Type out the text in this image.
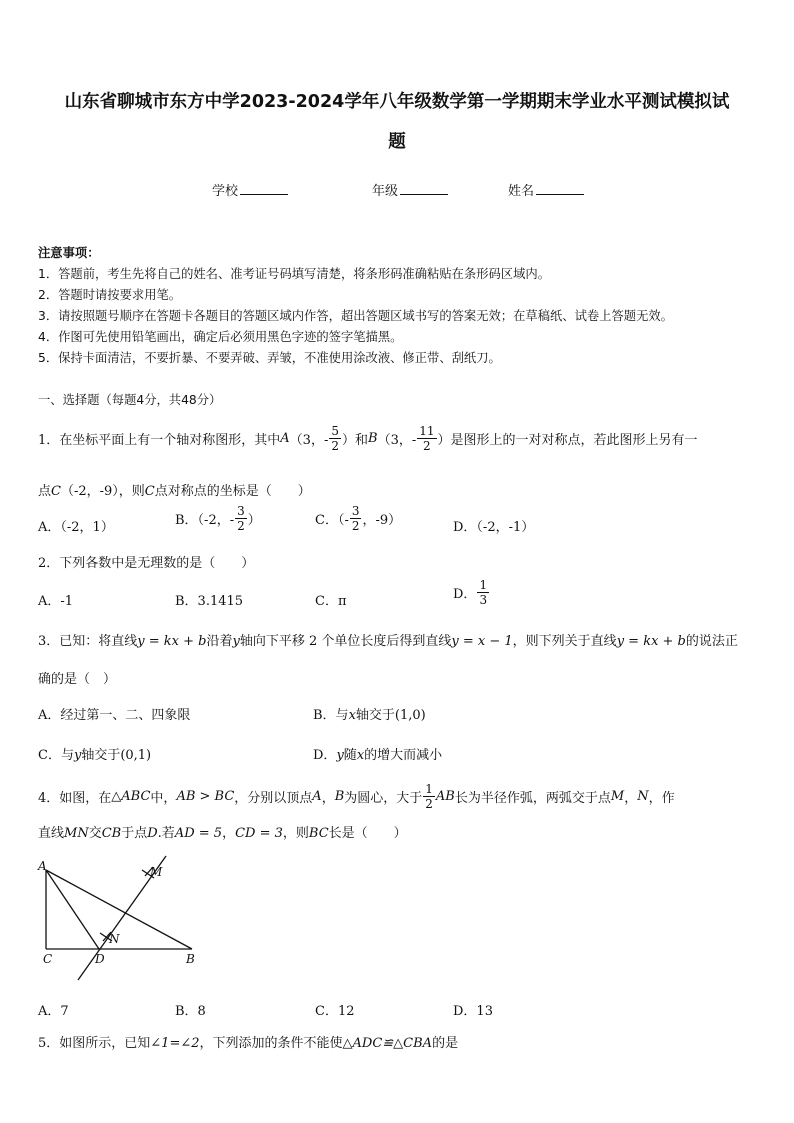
山东省聊城市东方中学2023-2024学年八年级数学第一学期期末学业水平测试模拟试
题
学校	年级	姓名
注意事项：
1．答题前，考生先将自己的姓名、准考证号码填写清楚，将条形码准确粘贴在条形码区域内。
2．答题时请按要求用笔。
3．请按照题号顺序在答题卡各题目的答题区域内作答，超出答题区域书写的答案无效；在草稿纸、试卷上答题无效。
4．作图可先使用铅笔画出，确定后必须用黑色字迹的签字笔描黑。
5．保持卡面清洁，不要折暴、不要弄破、弄皱，不准使用涂改液、修正带、刮纸刀。
一、选择题（每题4分，共48分）
1．在坐标平面上有一个轴对称图形，其中 A （3，- $\frac{5}{2}$ ）和 B （3，- $\frac{11}{2}$ ）是图形上的一对对称点，若此图形上另有一
点C（-2，-9），则C点对称点的坐标是（　　）
A．（-2，1）	B．（-2，- $\frac{3}{2}$ ）	C．（- $\frac{3}{2}$ ，-9）	D．（-2，-1）
2．下列各数中是无理数的是（　　）
A．-1	B．3.1415	C．π	D． $\frac{1}{3}$
3．已知：将直线y = kx + b沿着y轴向下平移 2 个单位长度后得到直线y = x − 1，则下列关于直线y = kx + b的说法正
确的是（　）
A．经过第一、二、四象限	B．与x轴交于(1,0)
C．与y轴交于(0,1)	D．y随x的增大而减小
4．如图，在 △ABC 中， AB > BC ，分别以顶点 A ， B 为圆心，大于 $\frac{1}{2}$ AB 长为半径作弧，两弧交于点 M ， N ，作
直线MN交CB于点D.若AD = 5，CD = 3，则BC长是（　　）
A
C	D	B
M
N
A．7	B．8	C．12	D．13
5．如图所示，已知∠1=∠2，下列添加的条件不能使△ADC≌△CBA的是
